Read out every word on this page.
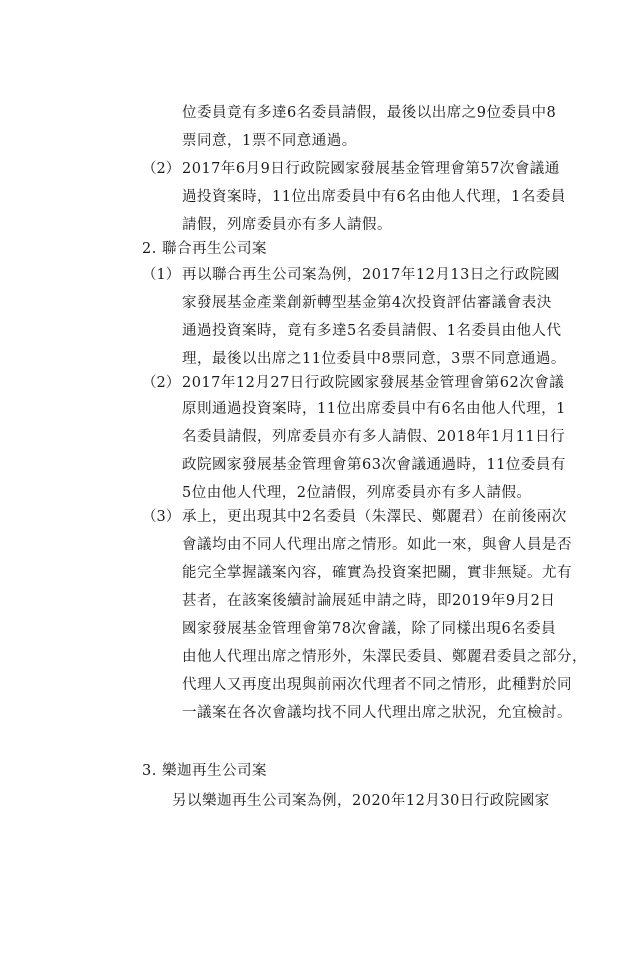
位委員竟有多達6名委員請假，最後以出席之9位委員中8
票同意，1票不同意通過。
（2） 2017年6月9日行政院國家發展基金管理會第57次會議通
過投資案時，11位出席委員中有6名由他人代理，1名委員
請假，列席委員亦有多人請假。
2. 聯合再生公司案
（1） 再以聯合再生公司案為例，2017年12月13日之行政院國
家發展基金產業創新轉型基金第4次投資評估審議會表決
通過投資案時，竟有多達5名委員請假、1名委員由他人代
理，最後以出席之11位委員中8票同意，3票不同意通過。
（2） 2017年12月27日行政院國家發展基金管理會第62次會議
原則通過投資案時，11位出席委員中有6名由他人代理，1
名委員請假，列席委員亦有多人請假、2018年1月11日行
政院國家發展基金管理會第63次會議通過時，11位委員有
5位由他人代理，2位請假，列席委員亦有多人請假。
（3） 承上，更出現其中2名委員（朱澤民、鄭麗君）在前後兩次
會議均由不同人代理出席之情形。如此一來，與會人員是否
能完全掌握議案內容，確實為投資案把關，實非無疑。尤有
甚者，在該案後續討論展延申請之時，即2019年9月2日
國家發展基金管理會第78次會議，除了同樣出現6名委員
由他人代理出席之情形外，朱澤民委員、鄭麗君委員之部分，
代理人又再度出現與前兩次代理者不同之情形，此種對於同
一議案在各次會議均找不同人代理出席之狀況，允宜檢討。
3. 樂迦再生公司案
另以樂迦再生公司案為例，2020年12月30日行政院國家
